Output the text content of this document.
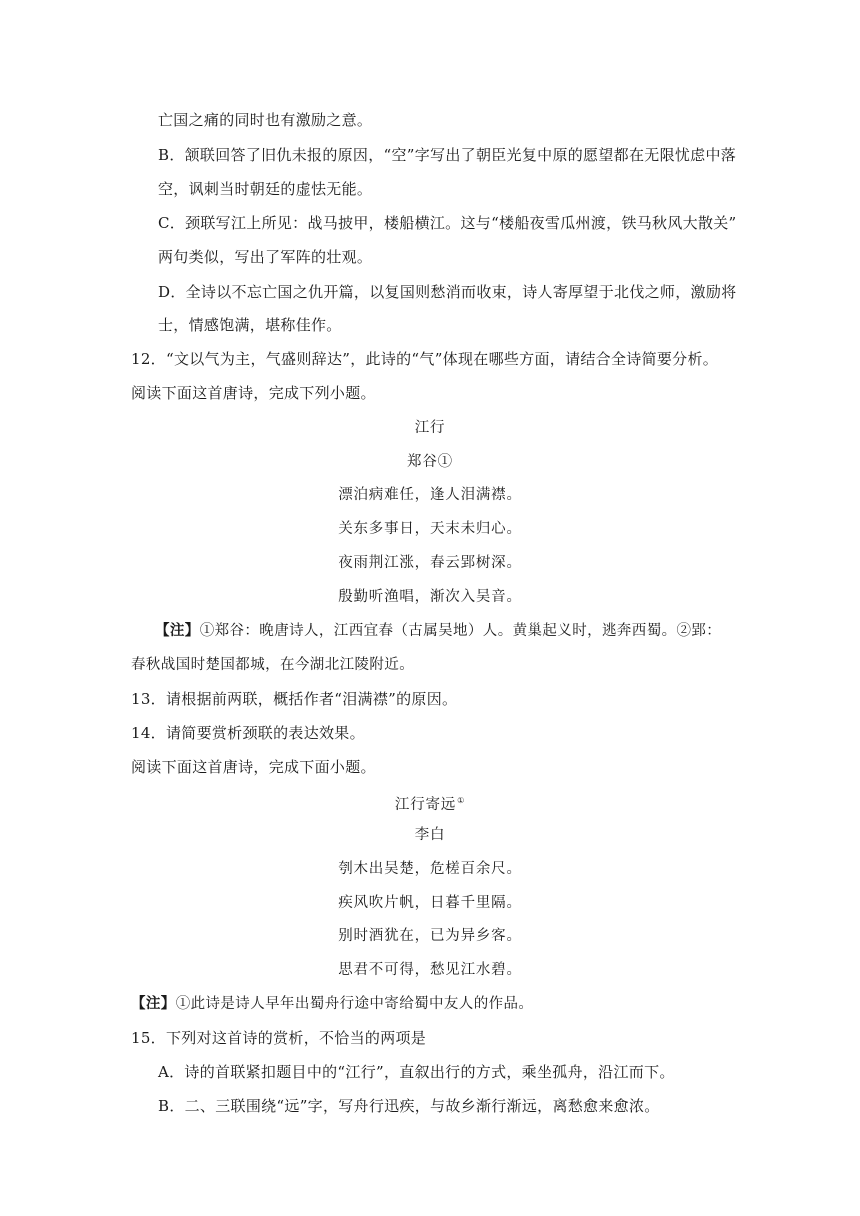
亡国之痛的同时也有激励之意。
B．颔联回答了旧仇未报的原因，“空”字写出了朝臣光复中原的愿望都在无限忧虑中落
空，讽刺当时朝廷的虚怯无能。
C．颈联写江上所见：战马披甲，楼船横江。这与“楼船夜雪瓜州渡，铁马秋风大散关”
两句类似，写出了军阵的壮观。
D．全诗以不忘亡国之仇开篇，以复国则愁消而收束，诗人寄厚望于北伐之师，激励将
士，情感饱满，堪称佳作。
12．“文以气为主，气盛则辞达”，此诗的“气”体现在哪些方面，请结合全诗简要分析。
阅读下面这首唐诗，完成下列小题。
江行
郑谷①
漂泊病难任，逢人泪满襟。
关东多事日，天末未归心。
夜雨荆江涨，春云郢树深。
殷勤听渔唱，渐次入吴音。
【注】①郑谷：晚唐诗人，江西宜春（古属吴地）人。黄巢起义时，逃奔西蜀。②郢：
春秋战国时楚国都城，在今湖北江陵附近。
13．请根据前两联，概括作者“泪满襟”的原因。
14．请简要赏析颈联的表达效果。
阅读下面这首唐诗，完成下面小题。
江行寄远①
李白
刳木出吴楚，危槎百余尺。
疾风吹片帆，日暮千里隔。
别时酒犹在，已为异乡客。
思君不可得，愁见江水碧。
【注】①此诗是诗人早年出蜀舟行途中寄给蜀中友人的作品。
15．下列对这首诗的赏析，不恰当的两项是
A．诗的首联紧扣题目中的“江行”，直叙出行的方式，乘坐孤舟，沿江而下。
B．二、三联围绕“远”字，写舟行迅疾，与故乡渐行渐远，离愁愈来愈浓。
